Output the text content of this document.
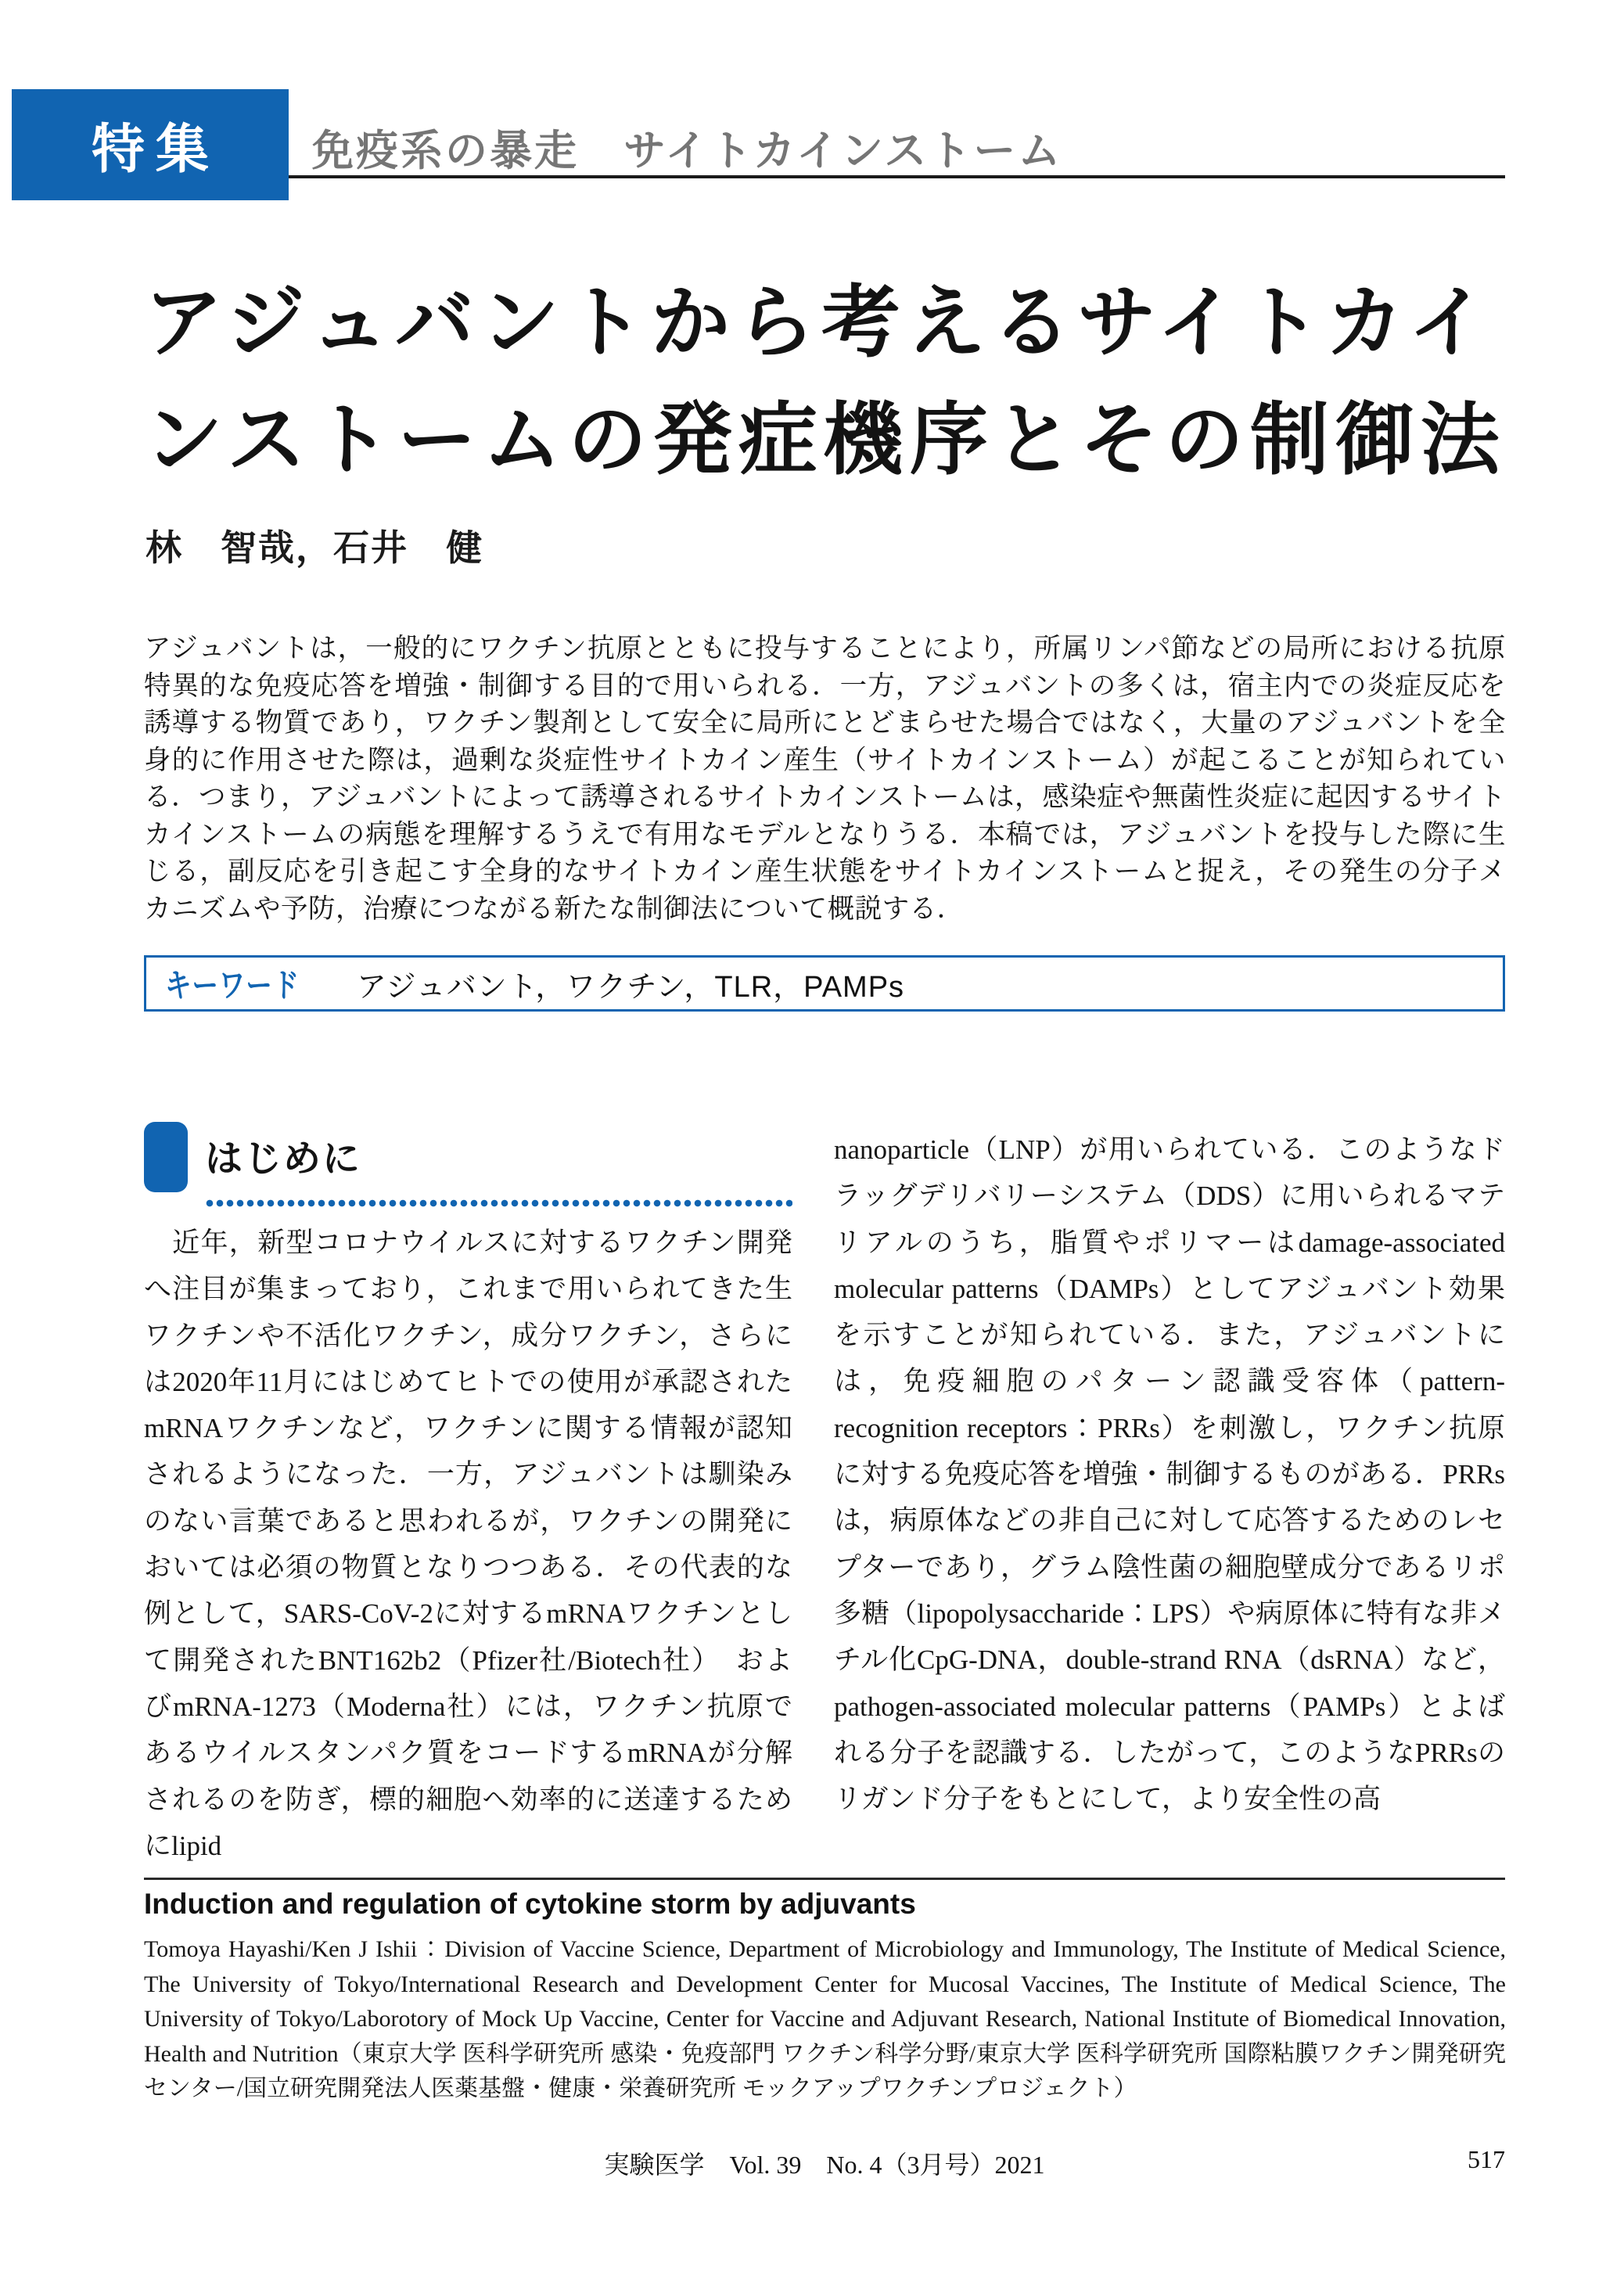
特集 免疫系の暴走　サイトカインストーム
アジュバントから考えるサイトカイ
ンストームの発症機序とその制御法
林　智哉，石井　健
アジュバントは，一般的にワクチン抗原とともに投与することにより，所属リンパ節などの局所における抗原特異的な免疫応答を増強・制御する目的で用いられる．一方，アジュバントの多くは，宿主内での炎症反応を誘導する物質であり，ワクチン製剤として安全に局所にとどまらせた場合ではなく，大量のアジュバントを全身的に作用させた際は，過剰な炎症性サイトカイン産生（サイトカインストーム）が起こることが知られている．つまり，アジュバントによって誘導されるサイトカインストームは，感染症や無菌性炎症に起因するサイトカインストームの病態を理解するうえで有用なモデルとなりうる．本稿では，アジュバントを投与した際に生じる，副反応を引き起こす全身的なサイトカイン産生状態をサイトカインストームと捉え，その発生の分子メカニズムや予防，治療につながる新たな制御法について概説する．
キーワード アジュバント，ワクチン，TLR，PAMPs
はじめに
　近年，新型コロナウイルスに対するワクチン開発へ注目が集まっており，これまで用いられてきた生ワクチンや不活化ワクチン，成分ワクチン，さらには2020年11月にはじめてヒトでの使用が承認されたmRNAワクチンなど，ワクチンに関する情報が認知されるようになった．一方，アジュバントは馴染みのない言葉であると思われるが，ワクチンの開発においては必須の物質となりつつある．その代表的な例として，SARS-CoV-2に対するmRNAワクチンとして開発されたBNT162b2（Pfizer社/Biotech社）　およびmRNA-1273（Moderna社）には，ワクチン抗原であるウイルスタンパク質をコードするmRNAが分解されるのを防ぎ，標的細胞へ効率的に送達するためにlipid
nanoparticle（LNP）が用いられている．このようなドラッグデリバリーシステム（DDS）に用いられるマテリアルのうち，脂質やポリマーはdamage-associated molecular patterns（DAMPs）としてアジュバント効果を示すことが知られている．また，アジュバントには，免疫細胞のパターン認識受容体（pattern-recognition receptors：PRRs）を刺激し，ワクチン抗原に対する免疫応答を増強・制御するものがある．PRRsは，病原体などの非自己に対して応答するためのレセプターであり，グラム陰性菌の細胞壁成分であるリポ多糖（lipopolysaccharide：LPS）や病原体に特有な非メチル化CpG-DNA，double-strand RNA（dsRNA）など，pathogen-associated molecular patterns（PAMPs）とよばれる分子を認識する．したがって，このようなPRRsのリガンド分子をもとにして，より安全性の高
Induction and regulation of cytokine storm by adjuvants
Tomoya Hayashi/Ken J Ishii：Division of Vaccine Science, Department of Microbiology and Immunology, The Institute of Medical Science, The University of Tokyo/International Research and Development Center for Mucosal Vaccines, The Institute of Medical Science, The University of Tokyo/Laborotory of Mock Up Vaccine, Center for Vaccine and Adjuvant Research, National Institute of Biomedical Innovation, Health and Nutrition（東京大学 医科学研究所 感染・免疫部門 ワクチン科学分野/東京大学 医科学研究所 国際粘膜ワクチン開発研究センター/国立研究開発法人医薬基盤・健康・栄養研究所 モックアップワクチンプロジェクト）
実験医学　Vol. 39　No. 4（3月号）2021	517
